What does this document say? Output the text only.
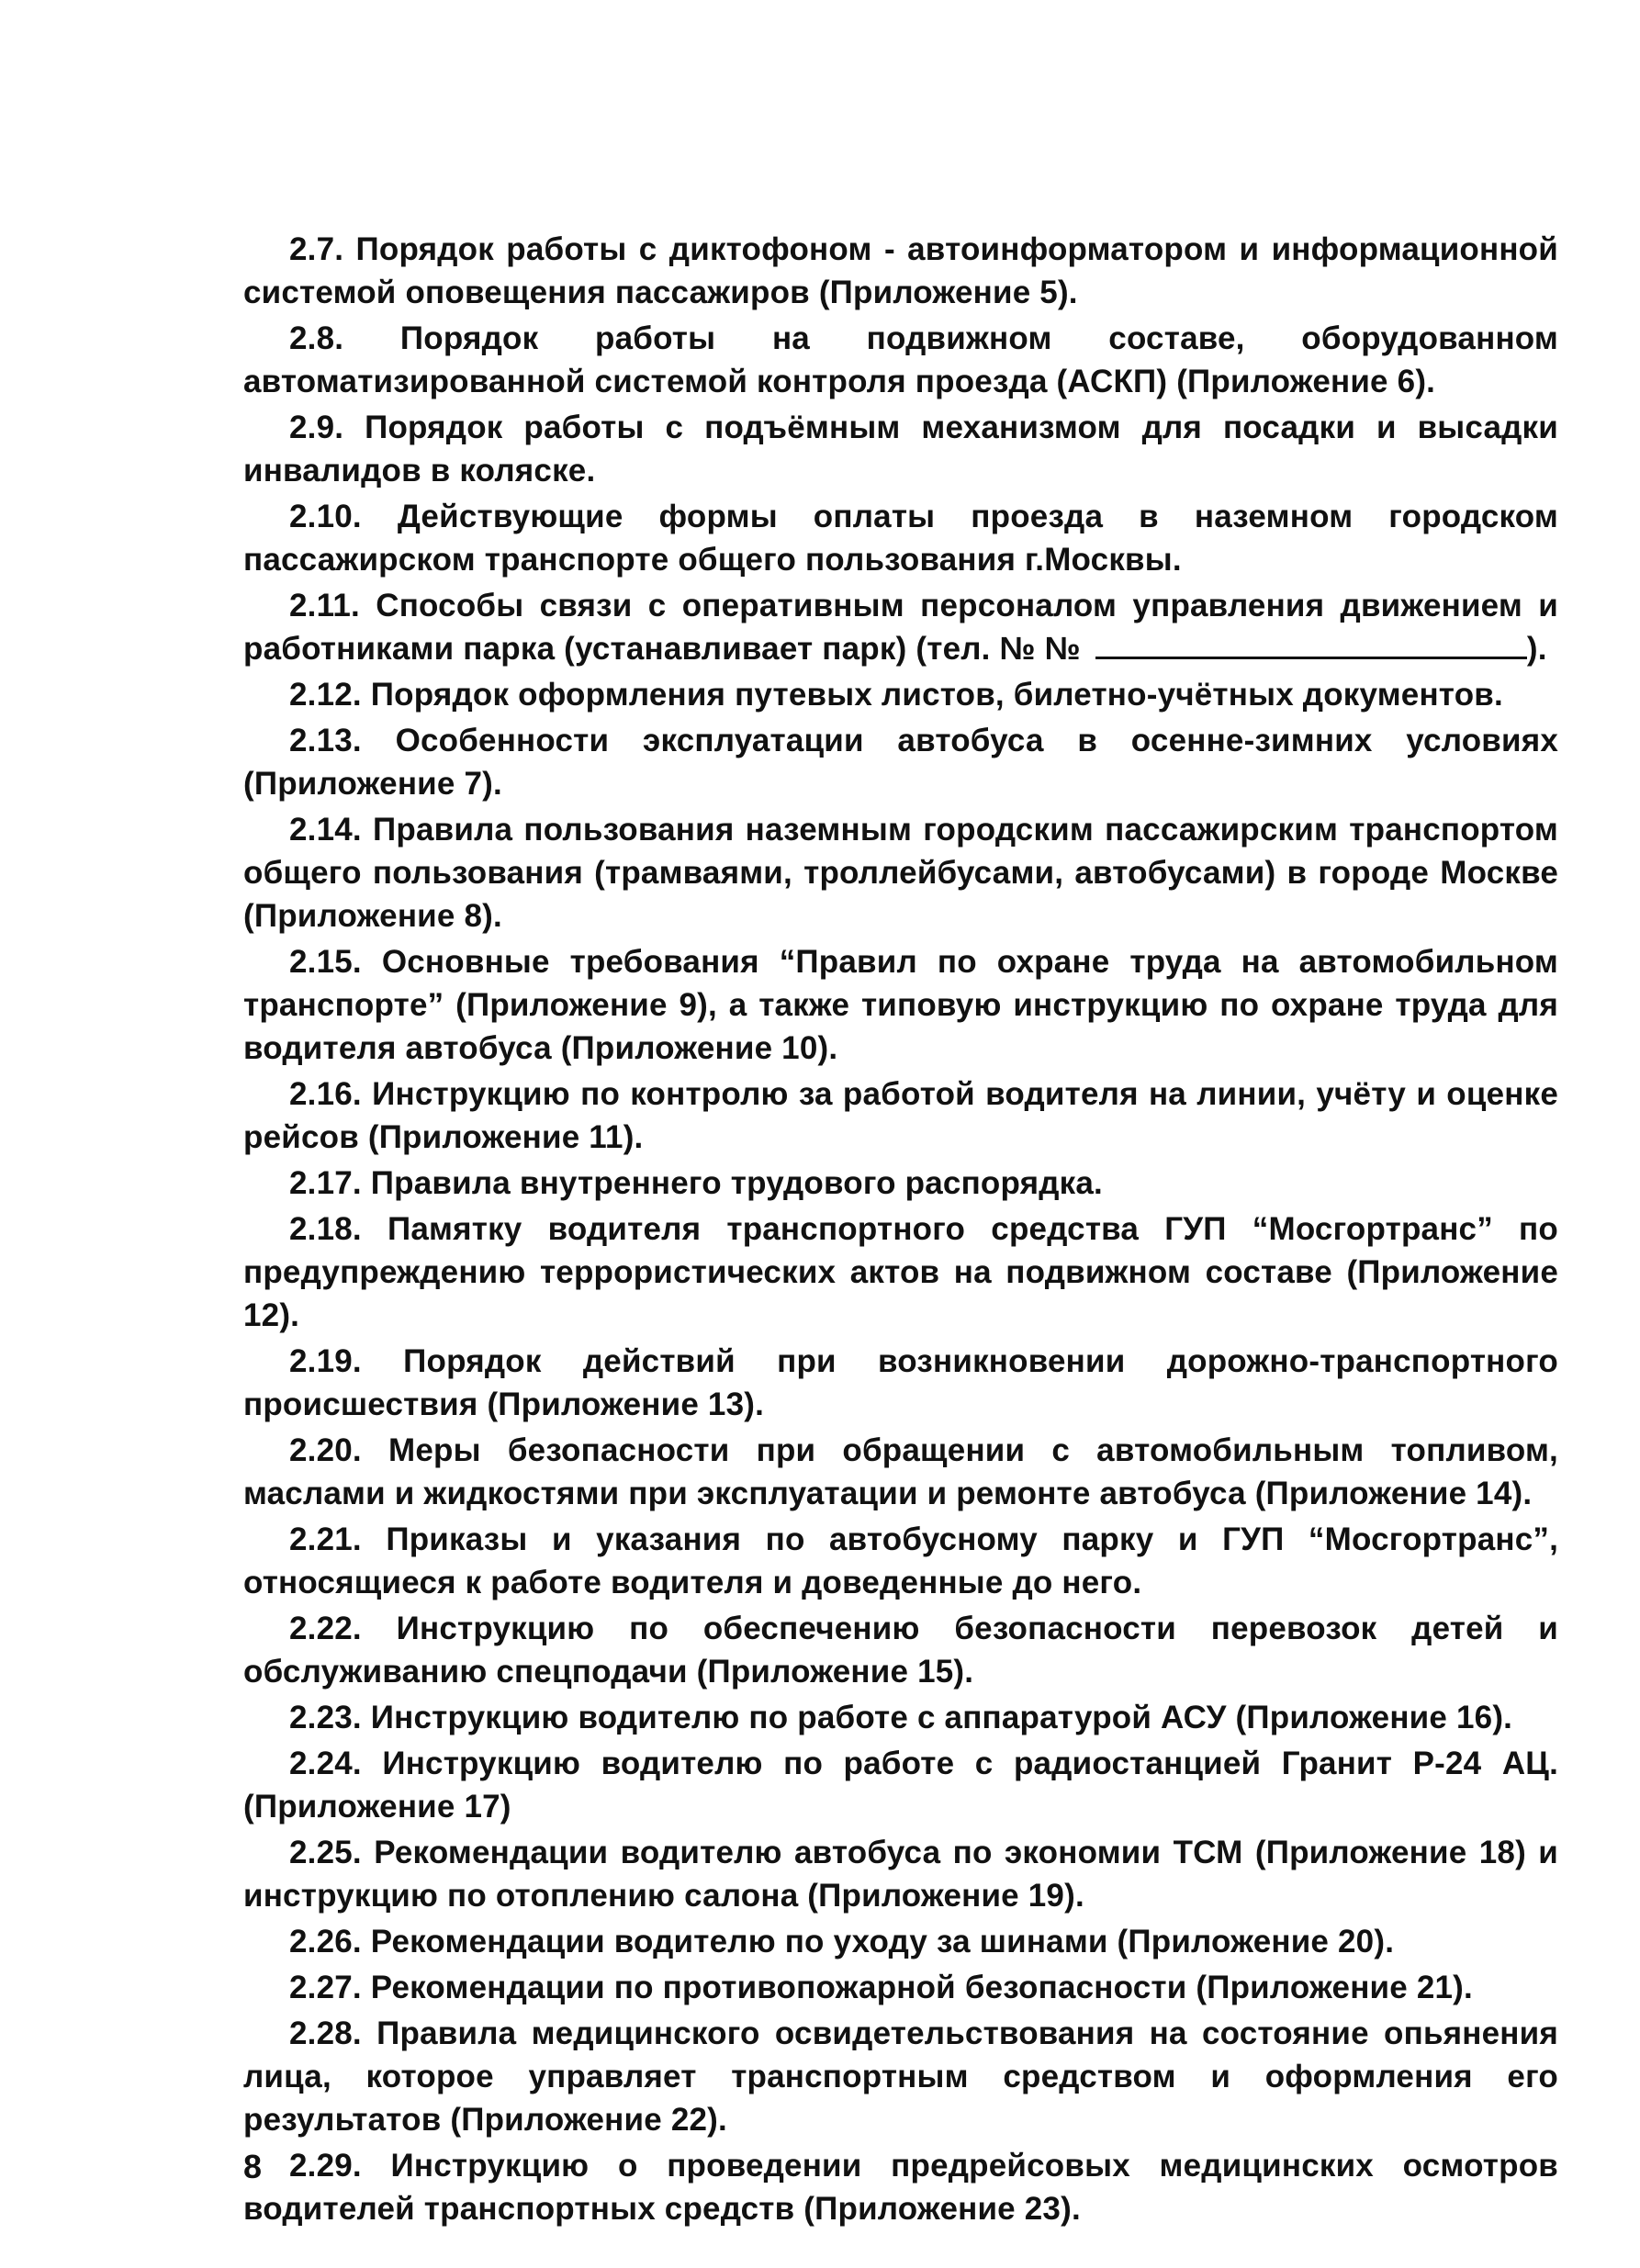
2.7. Порядок работы с диктофоном - автоинформатором и информационной системой оповещения пассажиров (Приложение 5).

2.8. Порядок работы на подвижном составе, оборудованном автоматизированной системой контроля проезда (АСКП) (Приложение 6).

2.9. Порядок работы с подъёмным механизмом для посадки и высадки инвалидов в коляске.

2.10. Действующие формы оплаты проезда в наземном городском пассажирском транспорте общего пользования г.Москвы.

2.11. Способы связи с оперативным персоналом управления движением и работниками парка (устанавливает парк) (тел. № №	).

2.12. Порядок оформления путевых листов, билетно-учётных документов.

2.13. Особенности эксплуатации автобуса в осенне-зимних условиях (Приложение 7).

2.14. Правила пользования наземным городским пассажирским транспортом общего пользования (трамваями, троллейбусами, автобусами) в городе Москве (Приложение 8).

2.15. Основные требования “Правил по охране труда на автомобильном транспорте” (Приложение 9), а также типовую инструкцию по охране труда для водителя автобуса (Приложение 10).

2.16. Инструкцию по контролю за работой водителя на линии, учёту и оценке рейсов (Приложение 11).

2.17. Правила внутреннего трудового распорядка.

2.18. Памятку водителя транспортного средства ГУП “Мосгортранс” по предупреждению террористических актов на подвижном составе (Приложение 12).

2.19. Порядок действий при возникновении дорожно-транспортного происшествия (Приложение 13).

2.20. Меры безопасности при обращении с автомобильным топливом, маслами и жидкостями при эксплуатации и ремонте автобуса (Приложение 14).

2.21. Приказы и указания по автобусному парку и ГУП “Мосгортранс”, относящиеся к работе водителя и доведенные до него.

2.22. Инструкцию по обеспечению безопасности перевозок детей и обслуживанию спецподачи (Приложение 15).

2.23. Инструкцию водителю по работе с аппаратурой АСУ (Приложение 16).

2.24. Инструкцию водителю по работе с радиостанцией Гранит Р-24 АЦ. (Приложение 17)

2.25. Рекомендации водителю автобуса по экономии ТСМ (Приложение 18) и инструкцию по отоплению салона (Приложение 19).

2.26. Рекомендации водителю по уходу за шинами (Приложение 20).

2.27. Рекомендации по противопожарной безопасности (Приложение 21).

2.28. Правила медицинского освидетельствования на состояние опьянения лица, которое управляет транспортным средством и оформления его результатов (Приложение 22).

2.29. Инструкцию о проведении предрейсовых медицинских осмотров водителей транспортных средств (Приложение 23).

8
